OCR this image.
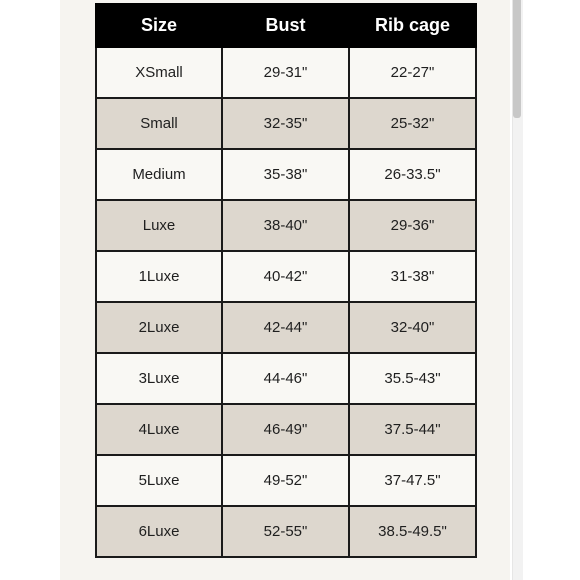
Size	Bust	Rib cage
XSmall	29-31"	22-27"
Small	32-35"	25-32"
Medium	35-38"	26-33.5"
Luxe	38-40"	29-36"
1Luxe	40-42"	31-38"
2Luxe	42-44"	32-40"
3Luxe	44-46"	35.5-43"
4Luxe	46-49"	37.5-44"
5Luxe	49-52"	37-47.5"
6Luxe	52-55"	38.5-49.5"
